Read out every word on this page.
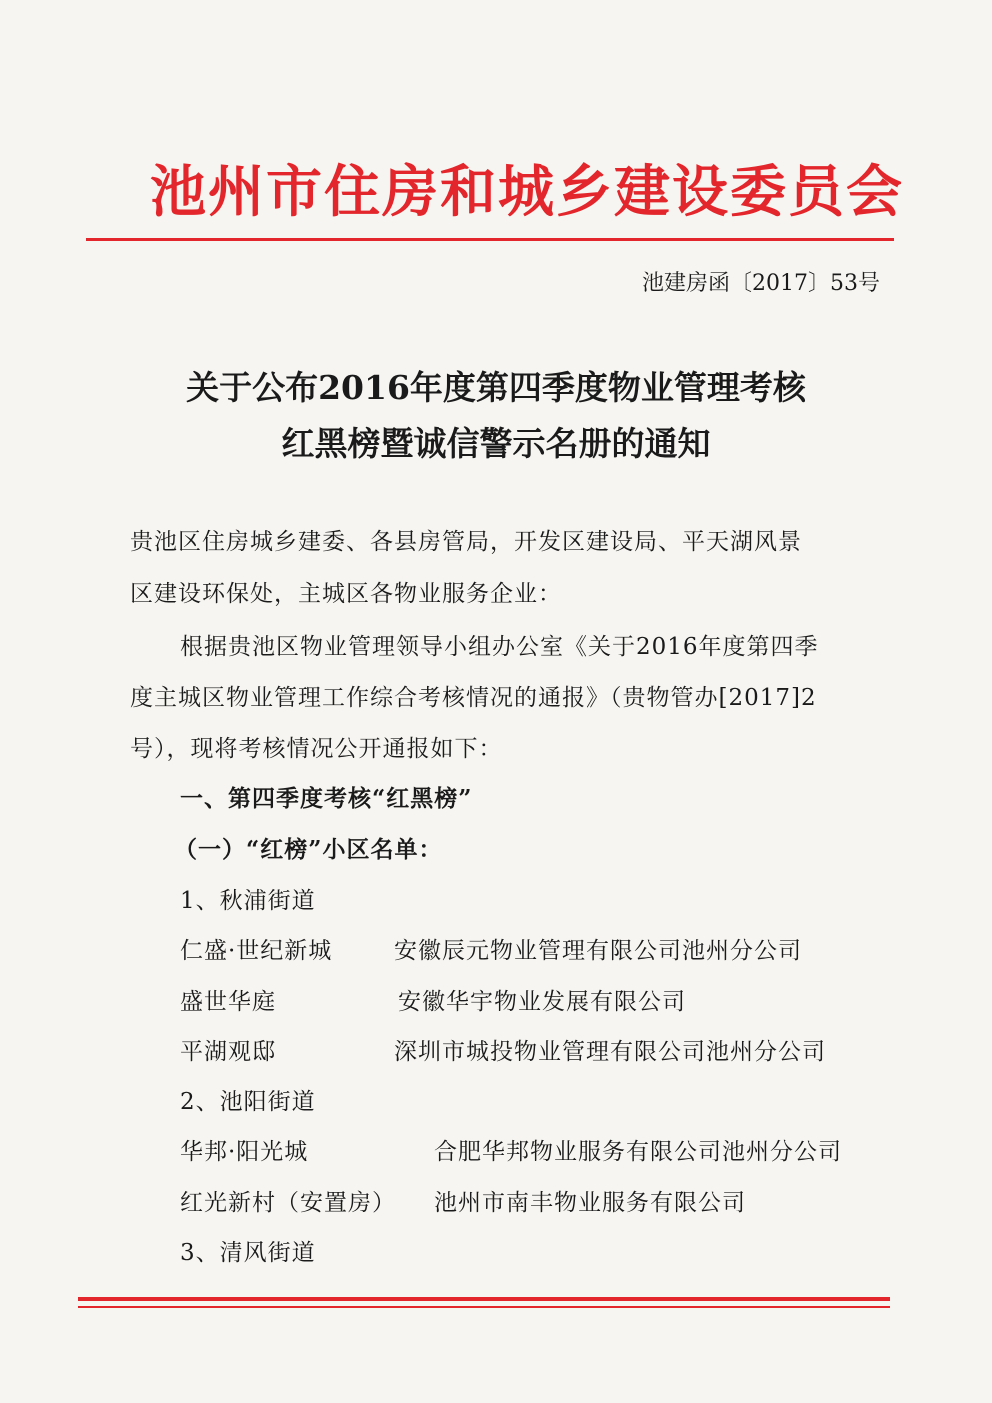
池州市住房和城乡建设委员会
池建房函〔2017〕53号
关于公布2016年度第四季度物业管理考核
红黑榜暨诚信警示名册的通知
贵池区住房城乡建委、各县房管局，开发区建设局、平天湖风景
区建设环保处，主城区各物业服务企业：
根据贵池区物业管理领导小组办公室《关于2016年度第四季
度主城区物业管理工作综合考核情况的通报》（贵物管办[2017]2
号），现将考核情况公开通报如下：
一、第四季度考核“红黑榜”
（一）“红榜”小区名单：
1、秋浦街道
仁盛·世纪新城	安徽辰元物业管理有限公司池州分公司
盛世华庭	安徽华宇物业发展有限公司
平湖观邸	深圳市城投物业管理有限公司池州分公司
2、池阳街道
华邦·阳光城	合肥华邦物业服务有限公司池州分公司
红光新村（安置房） 池州市南丰物业服务有限公司
3、清风街道
